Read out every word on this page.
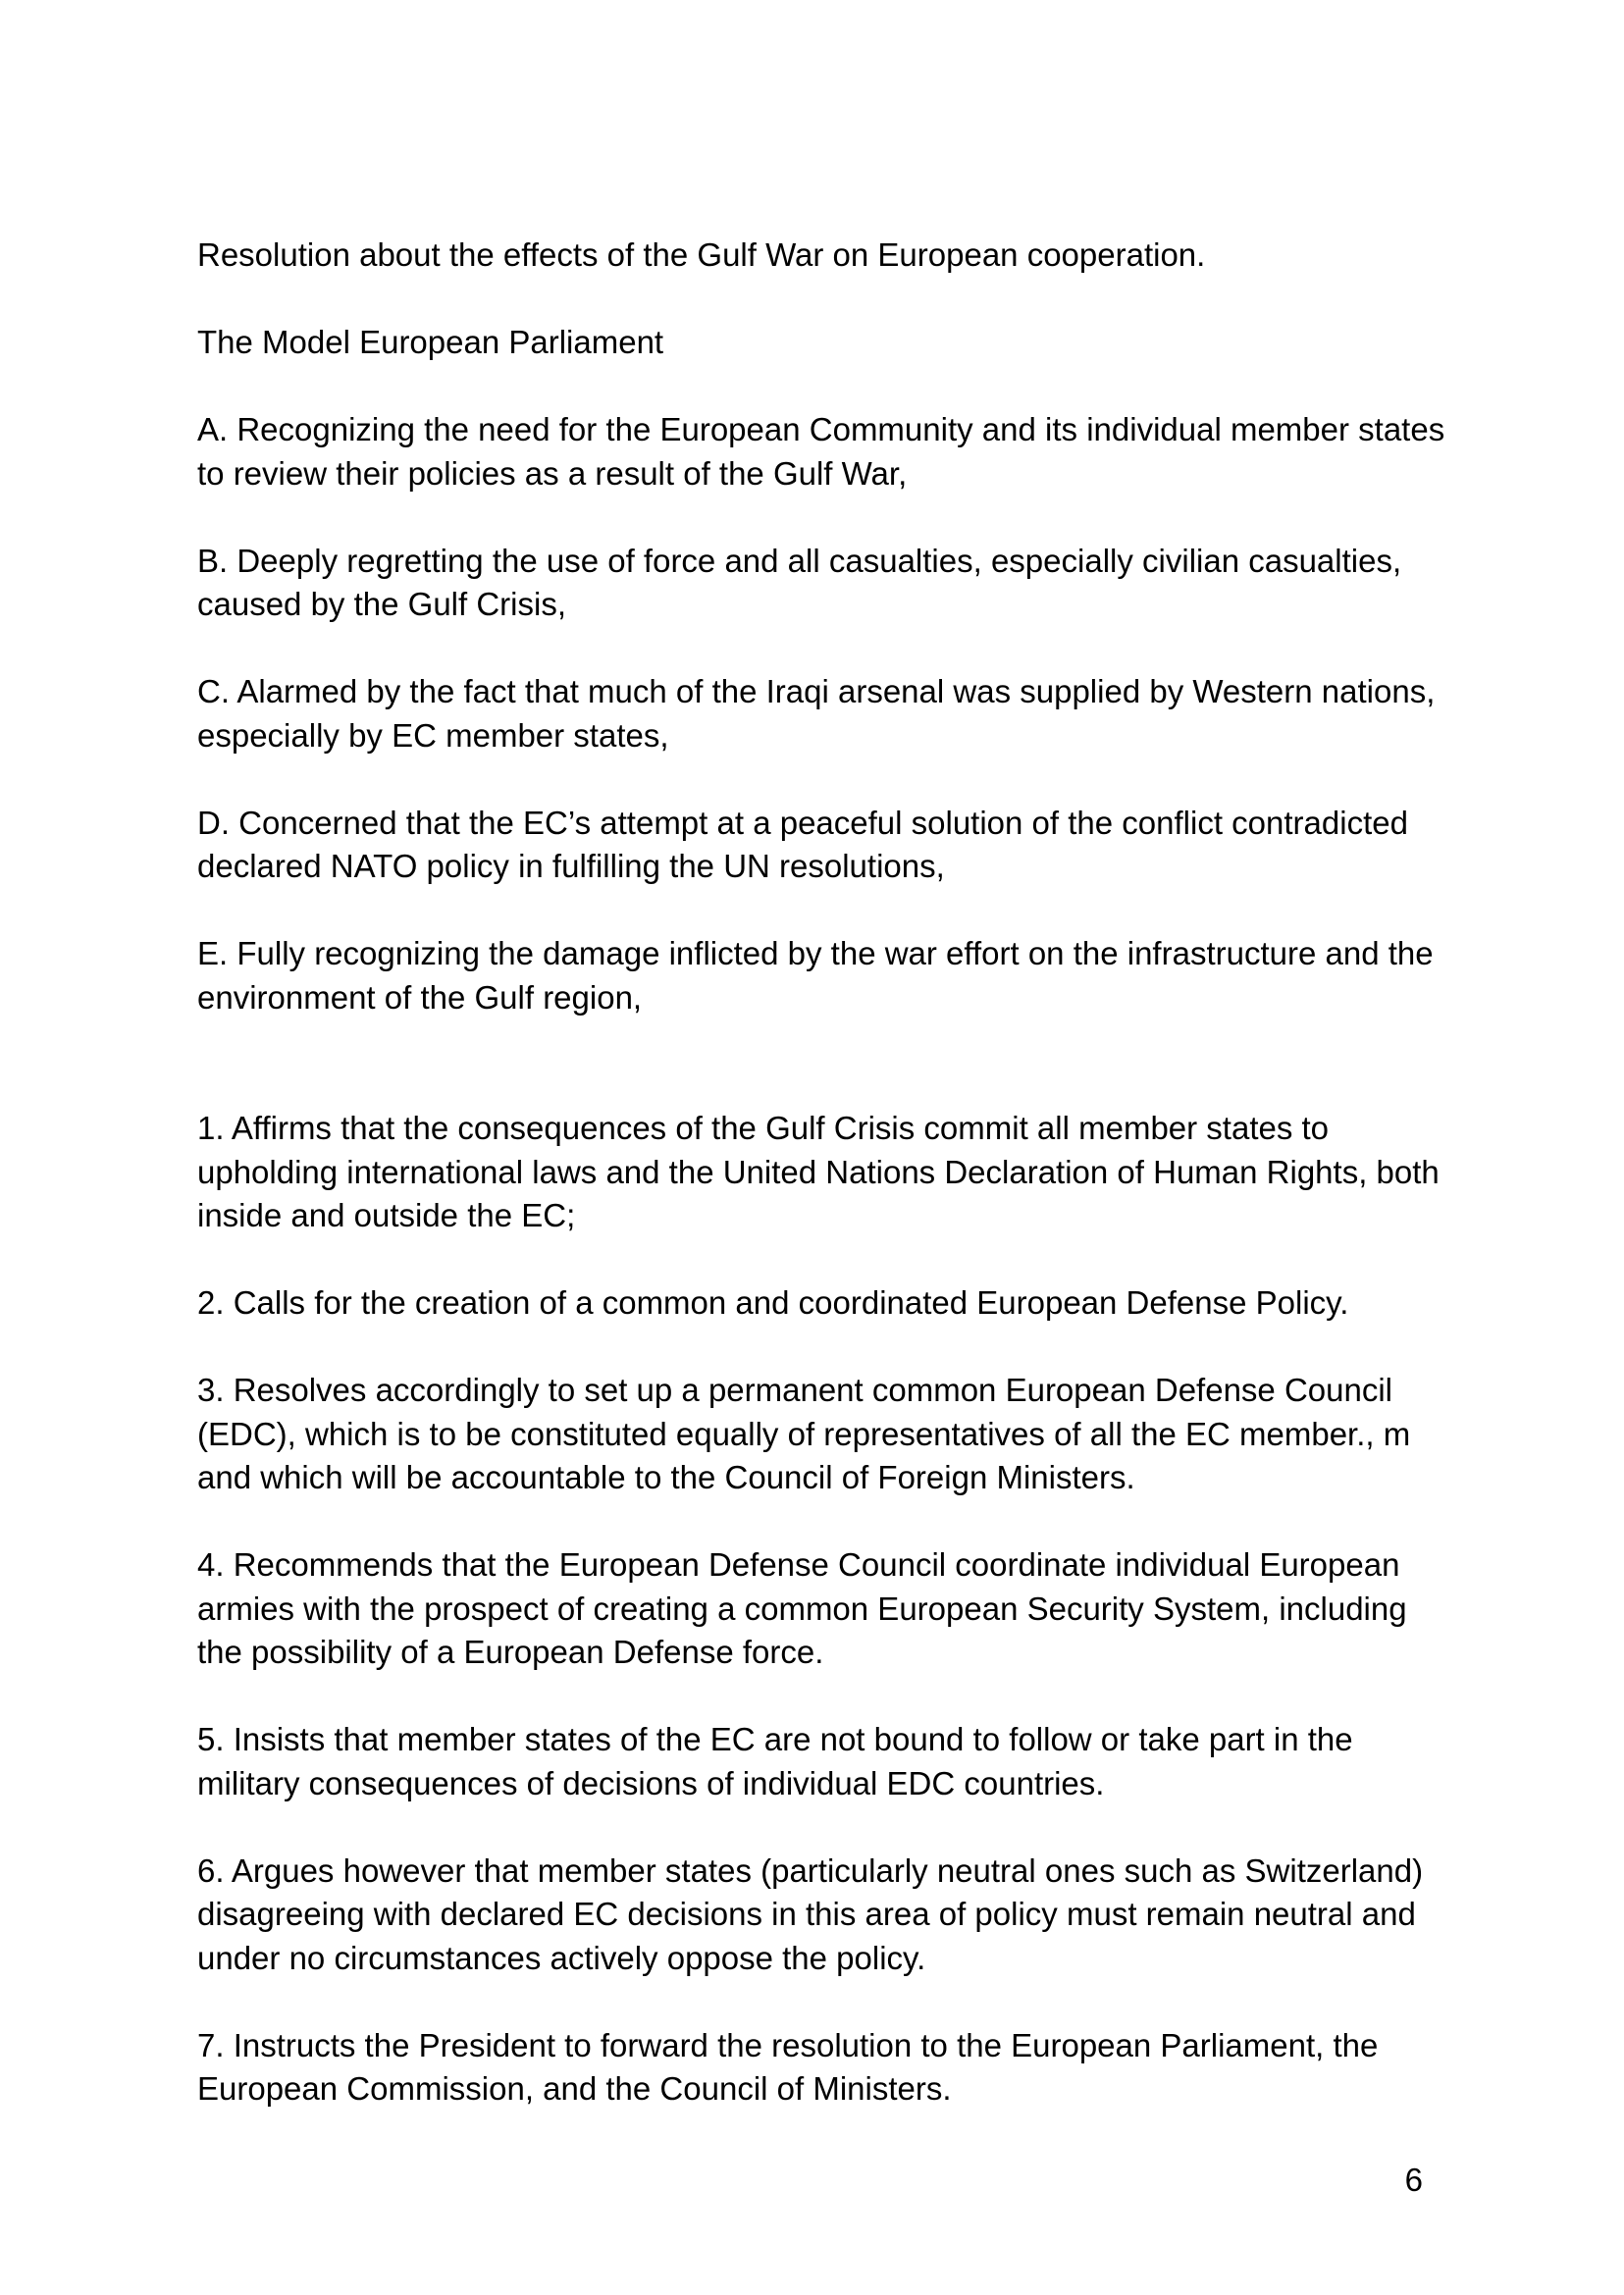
Resolution about the effects of the Gulf War on European cooperation.

The Model European Parliament

A. Recognizing the need for the European Community and its individual member states to review their policies as a result of the Gulf War,

B. Deeply regretting the use of force and all casualties, especially civilian casualties, caused by the Gulf Crisis,

C. Alarmed by the fact that much of the Iraqi arsenal was supplied by Western nations, especially by EC member states,

D. Concerned that the EC’s attempt at a peaceful solution of the conflict contradicted declared NATO policy in fulfilling the UN resolutions,

E. Fully recognizing the damage inflicted by the war effort on the infrastructure and the environment of the Gulf region,

1. Affirms that the consequences of the Gulf Crisis commit all member states to upholding international laws and the United Nations Declaration of Human Rights, both inside and outside the EC;

2. Calls for the creation of a common and coordinated European Defense Policy.

3. Resolves accordingly to set up a permanent common European Defense Council (EDC), which is to be constituted equally of representatives of all the EC member., m and which will be accountable to the Council of Foreign Ministers.

4. Recommends that the European Defense Council coordinate individual European armies with the prospect of creating a common European Security System, including the possibility of a European Defense force.

5. Insists that member states of the EC are not bound to follow or take part in the military consequences of decisions of individual EDC countries.

6. Argues however that member states (particularly neutral ones such as Switzerland) disagreeing with declared EC decisions in this area of policy must remain neutral and under no circumstances actively oppose the policy.

7. Instructs the President to forward the resolution to the European Parliament, the European Commission, and the Council of Ministers.

6
